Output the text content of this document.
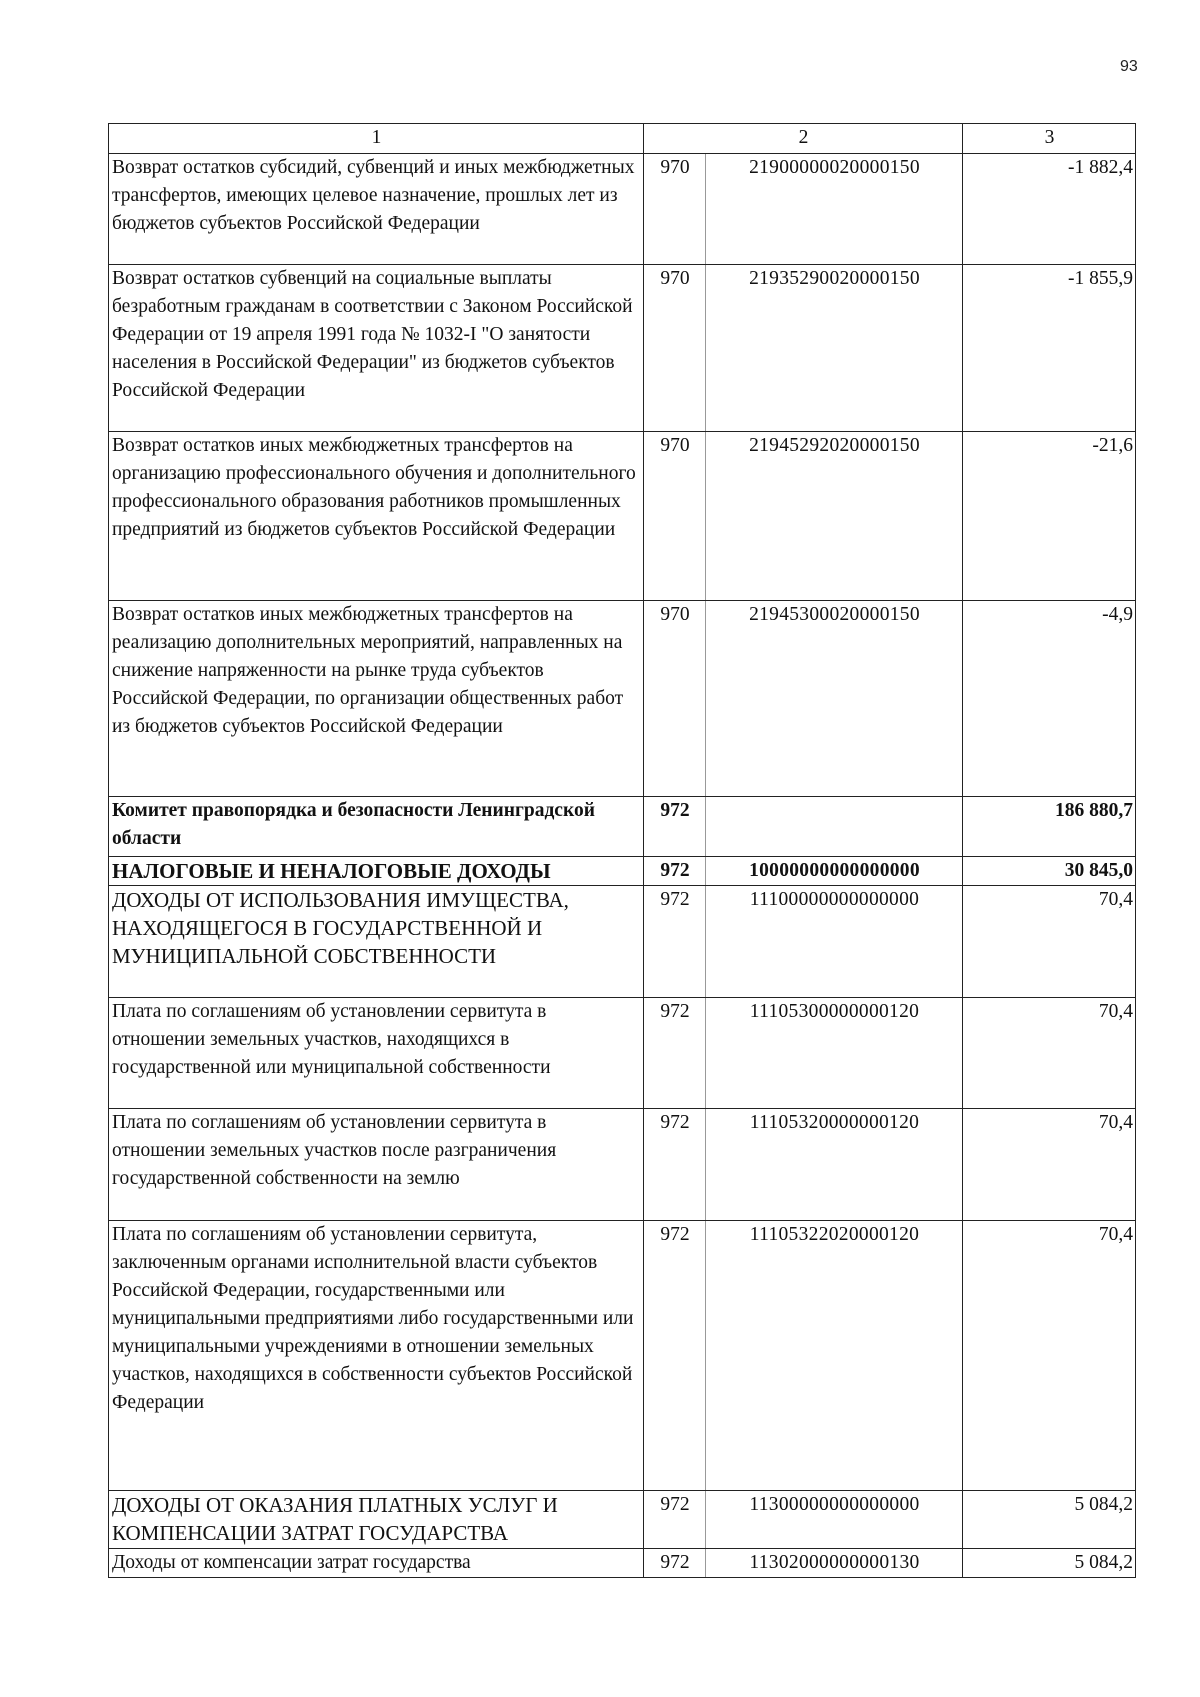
93
1	2		3
Возврат остатков субсидий, субвенций и иных межбюджетных трансфертов, имеющих целевое назначение, прошлых лет из бюджетов субъектов Российской Федерации	970	21900000020000150	-1 882,4
Возврат остатков субвенций на социальные выплаты безработным гражданам в соответствии с Законом Российской Федерации от 19 апреля 1991 года № 1032-I "О занятости населения в Российской Федерации" из бюджетов субъектов Российской Федерации	970	21935290020000150	-1 855,9
Возврат остатков иных межбюджетных трансфертов на организацию профессионального обучения и дополнительного профессионального образования работников промышленных предприятий из бюджетов субъектов Российской Федерации	970	21945292020000150	-21,6
Возврат остатков иных межбюджетных трансфертов на реализацию дополнительных мероприятий, направленных на снижение напряженности на рынке труда субъектов Российской Федерации, по организации общественных работ из бюджетов субъектов Российской Федерации	970	21945300020000150	-4,9
Комитет правопорядка и безопасности Ленинградской области	972		186 880,7
НАЛОГОВЫЕ И НЕНАЛОГОВЫЕ ДОХОДЫ	972	10000000000000000	30 845,0
ДОХОДЫ ОТ ИСПОЛЬЗОВАНИЯ ИМУЩЕСТВА, НАХОДЯЩЕГОСЯ В ГОСУДАРСТВЕННОЙ И МУНИЦИПАЛЬНОЙ СОБСТВЕННОСТИ	972	11100000000000000	70,4
Плата по соглашениям об установлении сервитута в отношении земельных участков, находящихся в государственной или муниципальной собственности	972	11105300000000120	70,4
Плата по соглашениям об установлении сервитута в отношении земельных участков после разграничения государственной собственности на землю	972	11105320000000120	70,4
Плата по соглашениям об установлении сервитута, заключенным органами исполнительной власти субъектов Российской Федерации, государственными или муниципальными предприятиями либо государственными или муниципальными учреждениями в отношении земельных участков, находящихся в собственности субъектов Российской Федерации	972	11105322020000120	70,4
ДОХОДЫ ОТ ОКАЗАНИЯ ПЛАТНЫХ УСЛУГ И КОМПЕНСАЦИИ ЗАТРАТ ГОСУДАРСТВА	972	11300000000000000	5 084,2
Доходы от компенсации затрат государства	972	11302000000000130	5 084,2
